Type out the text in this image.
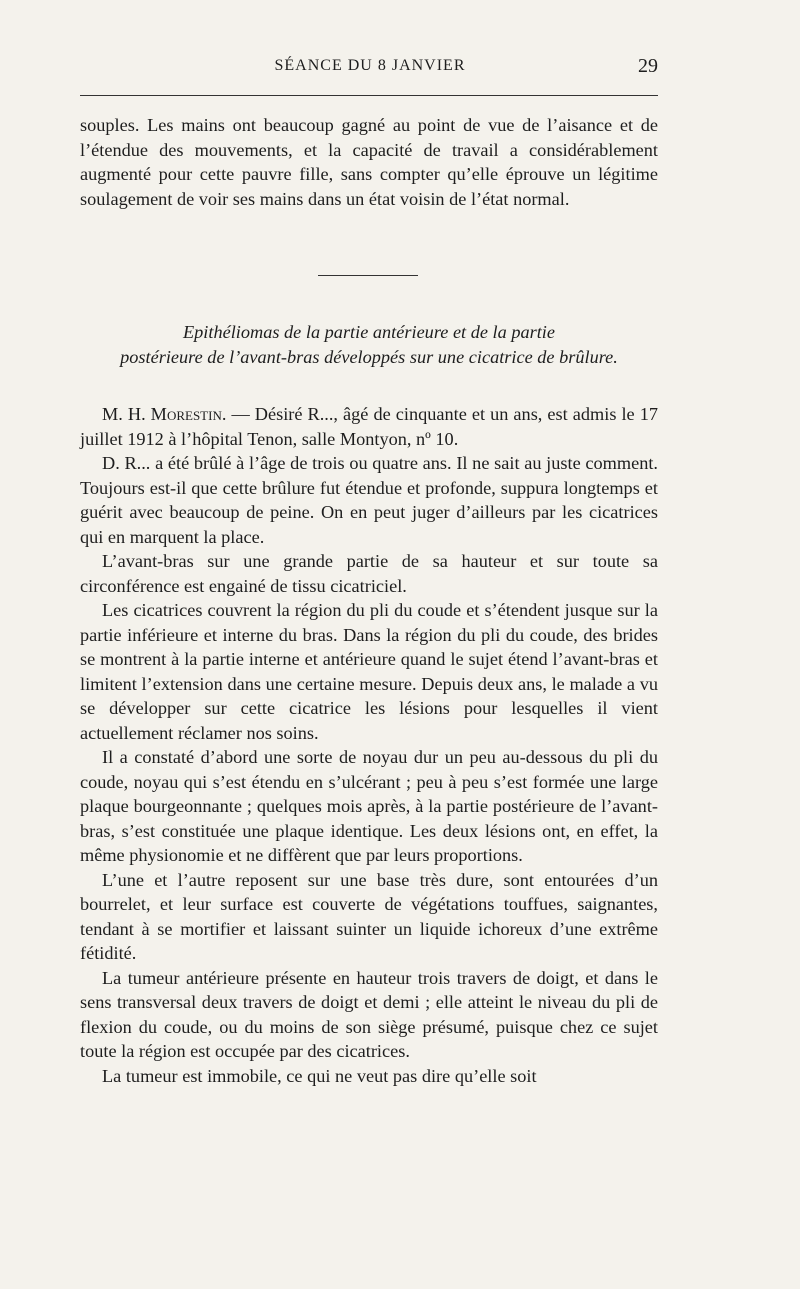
SÉANCE DU 8 JANVIER	29

souples. Les mains ont beaucoup gagné au point de vue de l’aisance et de l’étendue des mouvements, et la capacité de travail a considérablement augmenté pour cette pauvre fille, sans compter qu’elle éprouve un légitime soulagement de voir ses mains dans un état voisin de l’état normal.

Epithéliomas de la partie antérieure et de la partie
postérieure de l’avant-bras développés sur une cicatrice de brûlure.

M. H. Morestin. — Désiré R..., âgé de cinquante et un ans, est admis le 17 juillet 1912 à l’hôpital Tenon, salle Montyon, nº 10.

D. R... a été brûlé à l’âge de trois ou quatre ans. Il ne sait au juste comment. Toujours est-il que cette brûlure fut étendue et profonde, suppura longtemps et guérit avec beaucoup de peine. On en peut juger d’ailleurs par les cicatrices qui en marquent la place.

L’avant-bras sur une grande partie de sa hauteur et sur toute sa circonférence est engainé de tissu cicatriciel.

Les cicatrices couvrent la région du pli du coude et s’étendent jusque sur la partie inférieure et interne du bras. Dans la région du pli du coude, des brides se montrent à la partie interne et antérieure quand le sujet étend l’avant-bras et limitent l’extension dans une certaine mesure. Depuis deux ans, le malade a vu se développer sur cette cicatrice les lésions pour lesquelles il vient actuellement réclamer nos soins.

Il a constaté d’abord une sorte de noyau dur un peu au-dessous du pli du coude, noyau qui s’est étendu en s’ulcérant ; peu à peu s’est formée une large plaque bourgeonnante ; quelques mois après, à la partie postérieure de l’avant-bras, s’est constituée une plaque identique. Les deux lésions ont, en effet, la même physionomie et ne diffèrent que par leurs proportions.

L’une et l’autre reposent sur une base très dure, sont entourées d’un bourrelet, et leur surface est couverte de végétations touffues, saignantes, tendant à se mortifier et laissant suinter un liquide ichoreux d’une extrême fétidité.

La tumeur antérieure présente en hauteur trois travers de doigt, et dans le sens transversal deux travers de doigt et demi ; elle atteint le niveau du pli de flexion du coude, ou du moins de son siège présumé, puisque chez ce sujet toute la région est occupée par des cicatrices.

La tumeur est immobile, ce qui ne veut pas dire qu’elle soit
